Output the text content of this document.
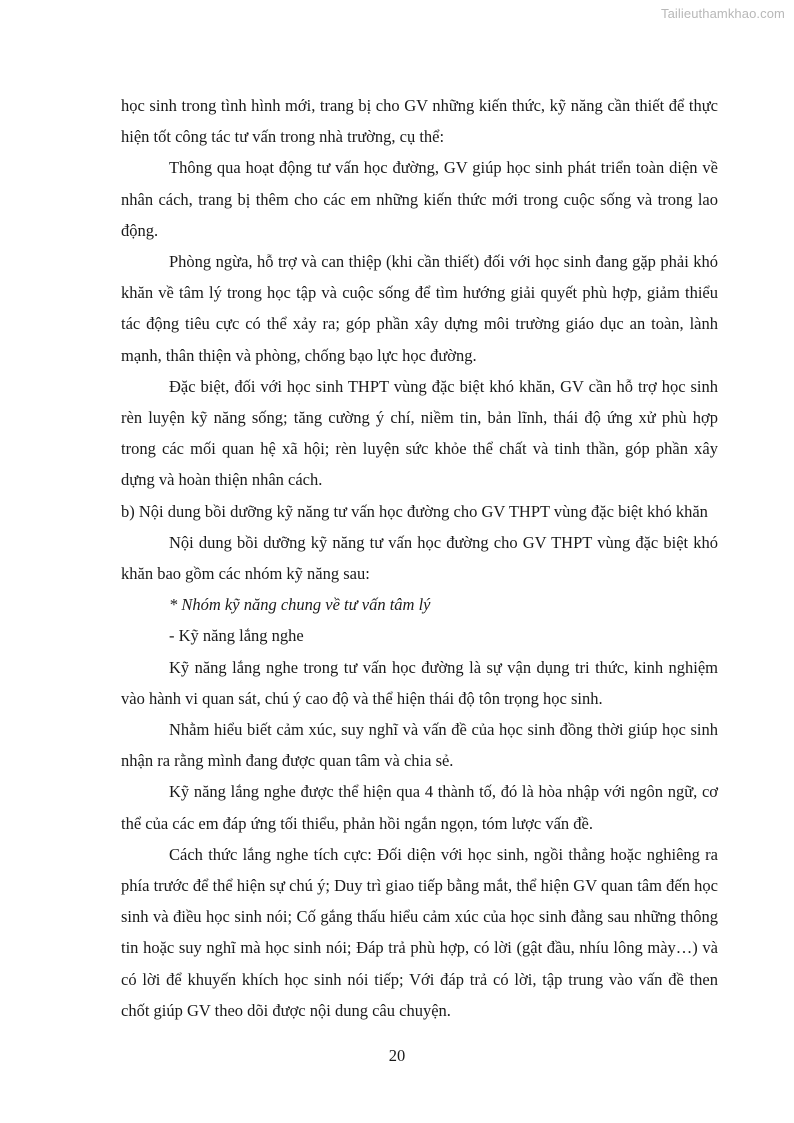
Tailieuthamkhao.com

học sinh trong tình hình mới, trang bị cho GV những kiến thức, kỹ năng cần thiết để thực hiện tốt công tác tư vấn trong nhà trường, cụ thể:

Thông qua hoạt động tư vấn học đường, GV giúp học sinh phát triển toàn diện về nhân cách, trang bị thêm cho các em những kiến thức mới trong cuộc sống và trong lao động.

Phòng ngừa, hỗ trợ và can thiệp (khi cần thiết) đối với học sinh đang gặp phải khó khăn về tâm lý trong học tập và cuộc sống để tìm hướng giải quyết phù hợp, giảm thiểu tác động tiêu cực có thể xảy ra; góp phần xây dựng môi trường giáo dục an toàn, lành mạnh, thân thiện và phòng, chống bạo lực học đường.

Đặc biệt, đối với học sinh THPT vùng đặc biệt khó khăn, GV cần hỗ trợ học sinh rèn luyện kỹ năng sống; tăng cường ý chí, niềm tin, bản lĩnh, thái độ ứng xử phù hợp trong các mối quan hệ xã hội; rèn luyện sức khỏe thể chất và tinh thần, góp phần xây dựng và hoàn thiện nhân cách.

b) Nội dung bồi dưỡng kỹ năng tư vấn học đường cho GV THPT vùng đặc biệt khó khăn

Nội dung bồi dưỡng kỹ năng tư vấn học đường cho GV THPT vùng đặc biệt khó khăn bao gồm các nhóm kỹ năng sau:

* Nhóm kỹ năng chung về tư vấn tâm lý

- Kỹ năng lắng nghe

Kỹ năng lắng nghe trong tư vấn học đường là sự vận dụng tri thức, kinh nghiệm vào hành vi quan sát, chú ý cao độ và thể hiện thái độ tôn trọng học sinh.

Nhằm hiểu biết cảm xúc, suy nghĩ và vấn đề của học sinh đồng thời giúp học sinh nhận ra rằng mình đang được quan tâm và chia sẻ.

Kỹ năng lắng nghe được thể hiện qua 4 thành tố, đó là hòa nhập với ngôn ngữ, cơ thể của các em đáp ứng tối thiểu, phản hồi ngắn ngọn, tóm lược vấn đề.

Cách thức lắng nghe tích cực: Đối diện với học sinh, ngồi thẳng hoặc nghiêng ra phía trước để thể hiện sự chú ý; Duy trì giao tiếp bằng mắt, thể hiện GV quan tâm đến học sinh và điều học sinh nói; Cố gắng thấu hiểu cảm xúc của học sinh đằng sau những thông tin hoặc suy nghĩ mà học sinh nói; Đáp trả phù hợp, có lời (gật đầu, nhíu lông mày…) và có lời để khuyến khích học sinh nói tiếp; Với đáp trả có lời, tập trung vào vấn đề then chốt giúp GV theo dõi được nội dung câu chuyện.

20
